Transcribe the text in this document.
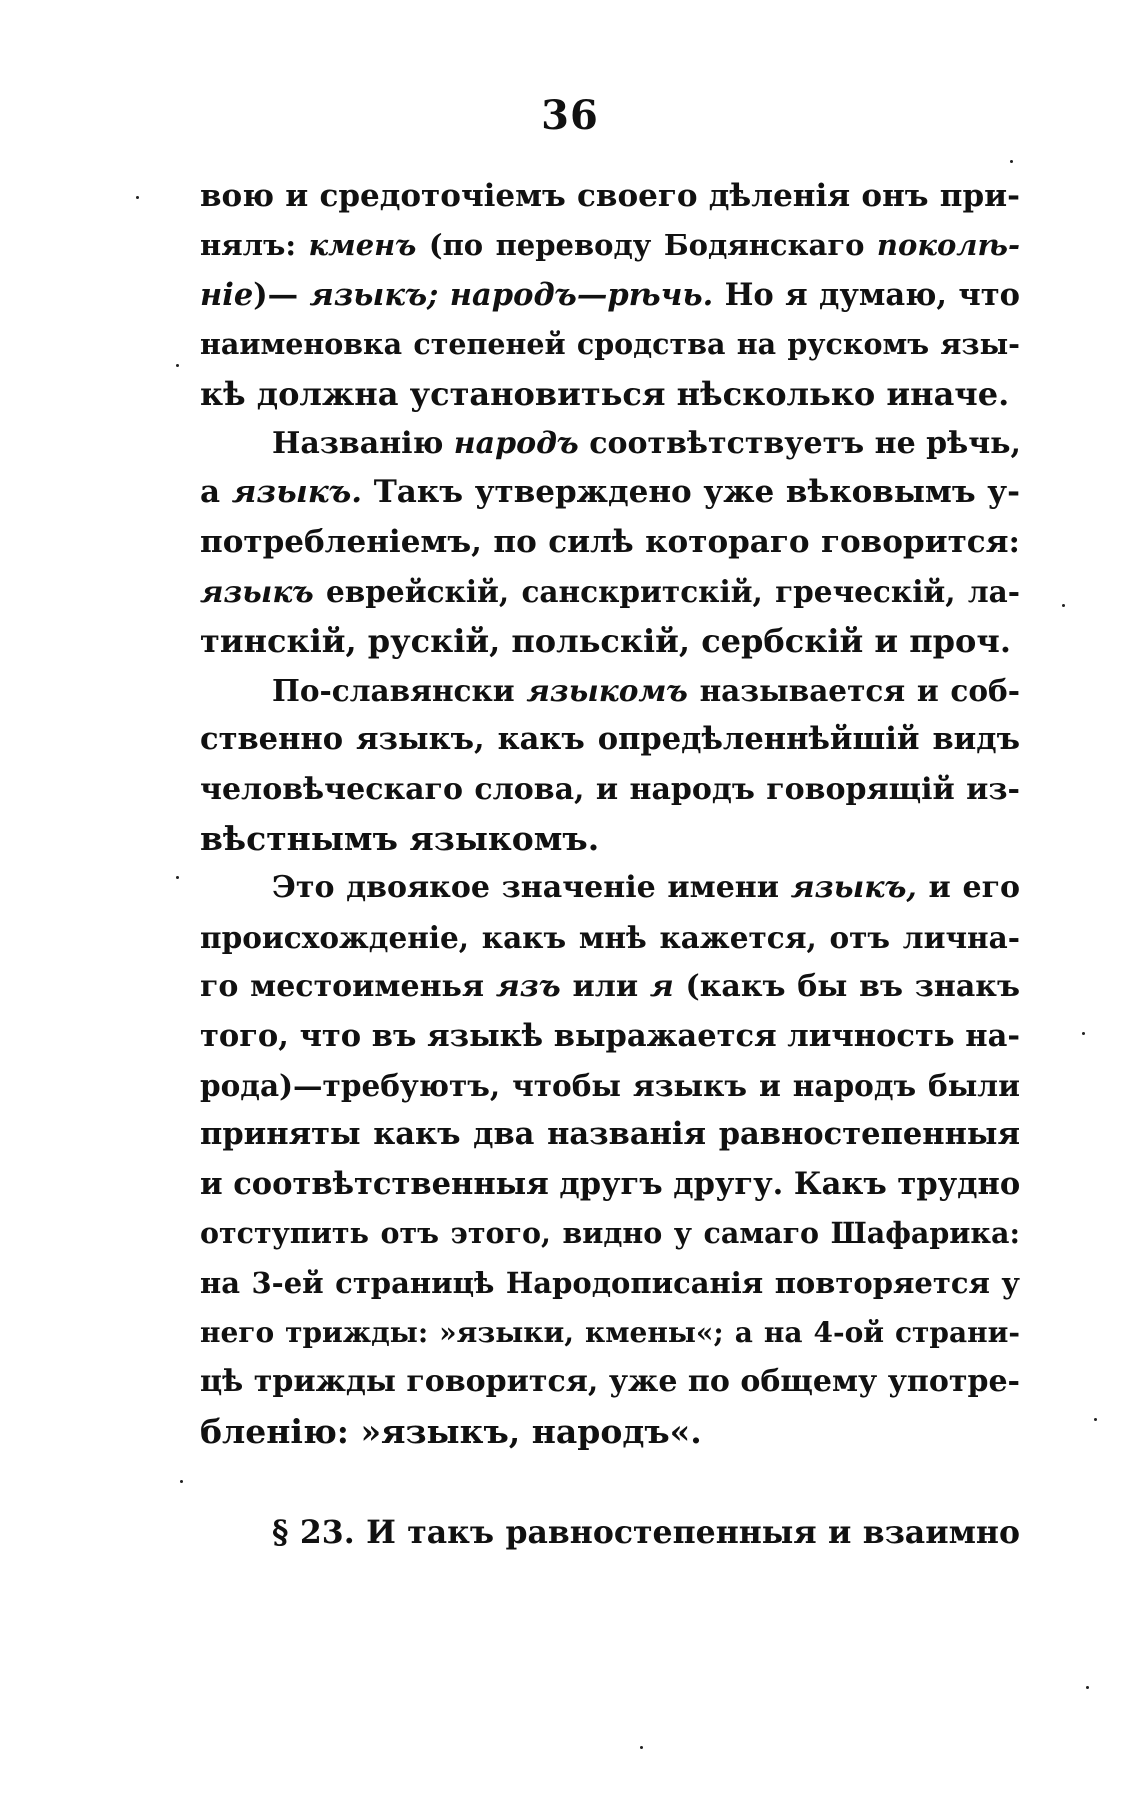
36
вою и средоточіемъ своего дѣленія онъ при-
нялъ: кменъ (по переводу Бодянскаго поколѣ-
ніе)— языкъ; народъ—рѣчь. Но я думаю, что
наименовка степеней сродства на рускомъ язы-
кѣ должна установиться нѣсколько иначе.
Названію народъ соотвѣтствуетъ не рѣчь,
а языкъ. Такъ утверждено уже вѣковымъ у-
потребленіемъ, по силѣ котораго говорится:
языкъ еврейскій, санскритскій, греческій, ла-
тинскій, рускій, польскій, сербскій и проч.
По-славянски языкомъ называется и соб-
ственно языкъ, какъ опредѣленнѣйшій видъ
человѣческаго слова, и народъ говорящій из-
вѣстнымъ языкомъ.
Это двоякое значеніе имени языкъ, и его
происхожденіе, какъ мнѣ кажется, отъ лична-
го местоименья язъ или я (какъ бы въ знакъ
того, что въ языкѣ выражается личность на-
рода)—требуютъ, чтобы языкъ и народъ были
приняты какъ два названія равностепенныя
и соотвѣтственныя другъ другу. Какъ трудно
отступить отъ этого, видно у самаго Шафарика:
на 3-ей страницѣ Народописанія повторяется у
него трижды: »языки, кмены«; а на 4-ой страни-
цѣ трижды говорится, уже по общему употре-
бленію: »языкъ, народъ«.
§ 23. И такъ равностепенныя и взаимно
